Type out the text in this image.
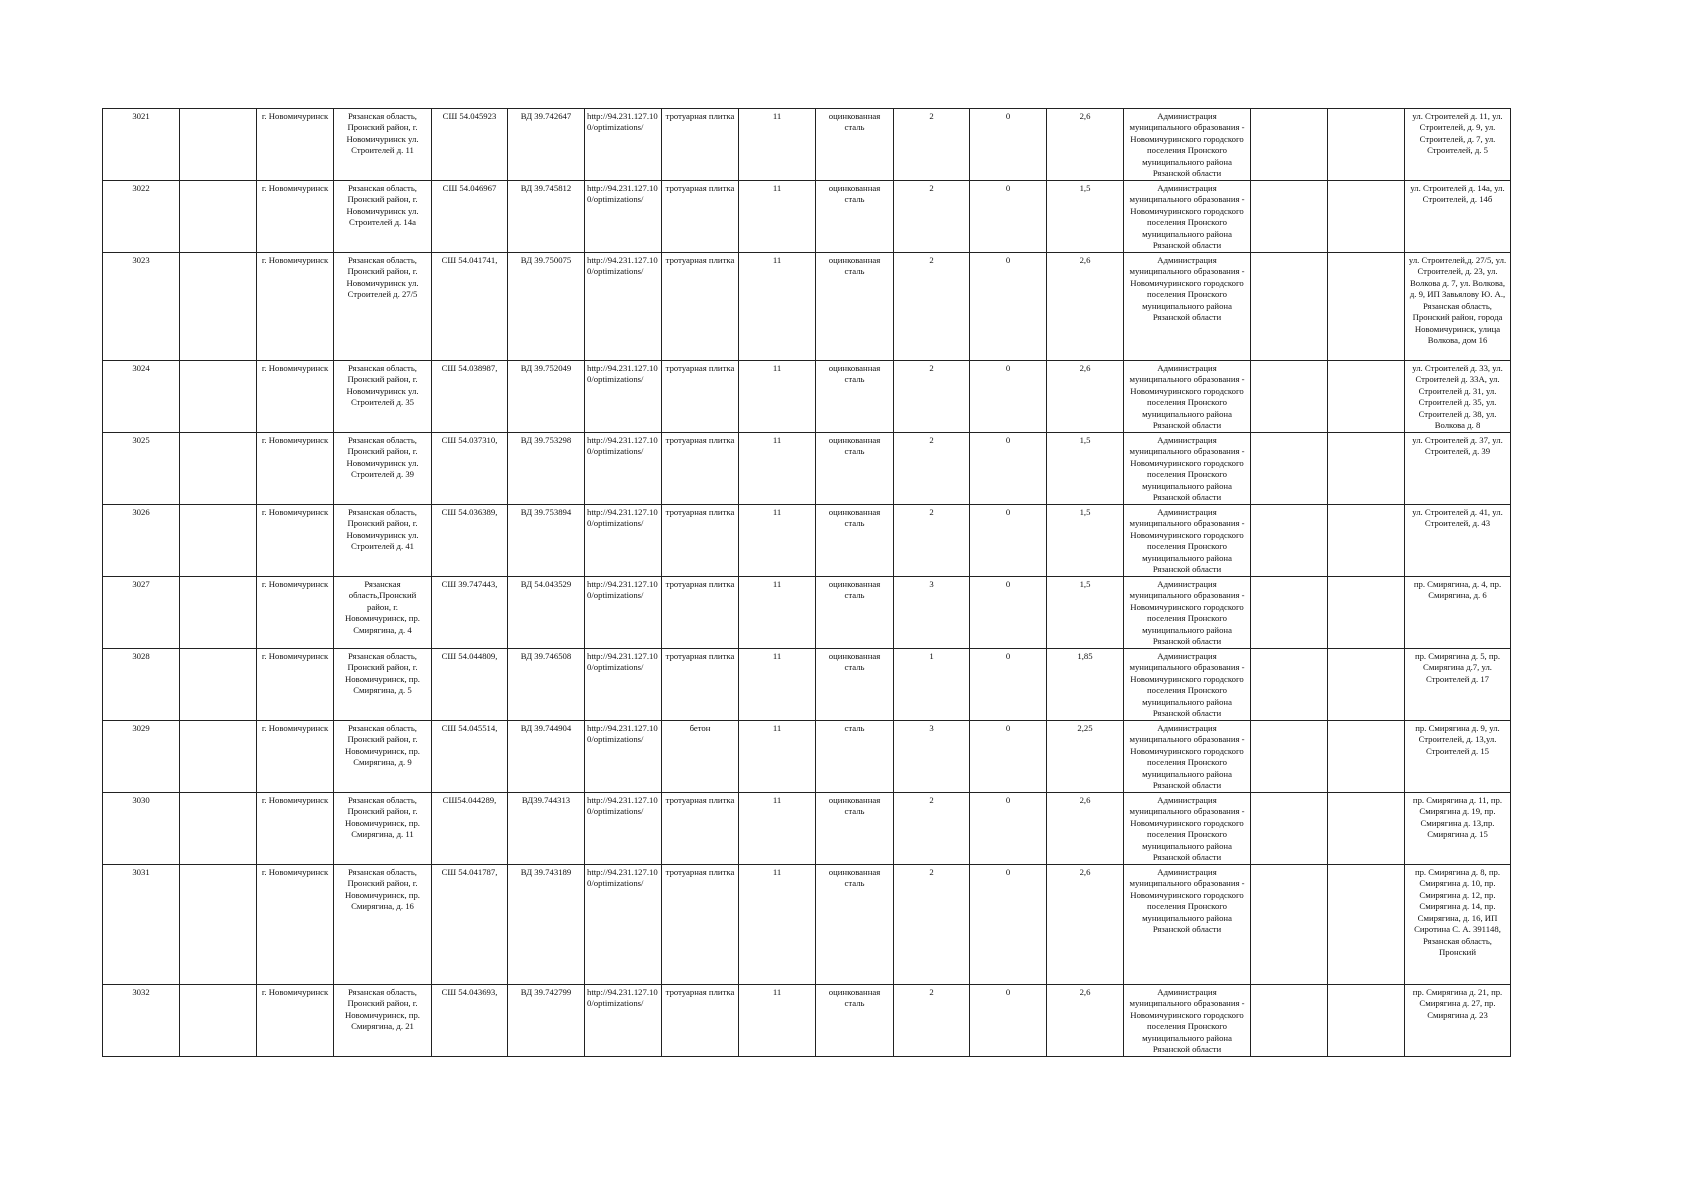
3021		г. Новомичуринск	Рязанская область, Пронский район, г. Новомичуринск ул. Строителей д. 11	СШ 54.045923	ВД 39.742647	http://94.231.127.100/optimizations/	тротуарная плитка	11	оцинкованная сталь	2	0	2,6	Администрация муниципального образования - Новомичуринского городского поселения Пронского муниципального района Рязанской области			ул. Строителей д. 11, ул. Строителей, д. 9, ул. Строителей, д. 7, ул. Строителей, д. 5
3022		г. Новомичуринск	Рязанская область, Пронский район, г. Новомичуринск ул. Строителей д. 14а	СШ 54.046967	ВД 39.745812	http://94.231.127.100/optimizations/	тротуарная плитка	11	оцинкованная сталь	2	0	1,5	Администрация муниципального образования - Новомичуринского городского поселения Пронского муниципального района Рязанской области			ул. Строителей д. 14а, ул. Строителей, д. 14б
3023		г. Новомичуринск	Рязанская область, Пронский район, г. Новомичуринск ул. Строителей д. 27/5	СШ 54.041741,	ВД 39.750075	http://94.231.127.100/optimizations/	тротуарная плитка	11	оцинкованная сталь	2	0	2,6	Администрация муниципального образования - Новомичуринского городского поселения Пронского муниципального района Рязанской области			ул. Строителей,д. 27/5, ул. Строителей, д. 23, ул. Волкова д. 7, ул. Волкова, д. 9, ИП Завьялову Ю. А., Рязанская область, Пронский район, города Новомичуринск, улица Волкова, дом 16
3024		г. Новомичуринск	Рязанская область, Пронский район, г. Новомичуринск ул. Строителей д. 35	СШ 54.038987,	ВД 39.752049	http://94.231.127.100/optimizations/	тротуарная плитка	11	оцинкованная сталь	2	0	2,6	Администрация муниципального образования - Новомичуринского городского поселения Пронского муниципального района Рязанской области			ул. Строителей д. 33, ул. Строителей д. 33А, ул. Строителей д. 31, ул. Строителей д. 35, ул. Строителей д. 38, ул. Волкова д. 8
3025		г. Новомичуринск	Рязанская область, Пронский район, г. Новомичуринск ул. Строителей д. 39	СШ 54.037310,	ВД 39.753298	http://94.231.127.100/optimizations/	тротуарная плитка	11	оцинкованная сталь	2	0	1,5	Администрация муниципального образования - Новомичуринского городского поселения Пронского муниципального района Рязанской области			ул. Строителей д. 37, ул. Строителей, д. 39
3026		г. Новомичуринск	Рязанская область, Пронский район, г. Новомичуринск ул. Строителей д. 41	СШ 54.036389,	ВД 39.753894	http://94.231.127.100/optimizations/	тротуарная плитка	11	оцинкованная сталь	2	0	1,5	Администрация муниципального образования - Новомичуринского городского поселения Пронского муниципального района Рязанской области			ул. Строителей д. 41, ул. Строителей, д. 43
3027		г. Новомичуринск	Рязанская область,Пронский район, г. Новомичуринск, пр. Смирягина, д. 4	СШ 39.747443,	ВД 54.043529	http://94.231.127.100/optimizations/	тротуарная плитка	11	оцинкованная сталь	3	0	1,5	Администрация муниципального образования - Новомичуринского городского поселения Пронского муниципального района Рязанской области			пр. Смирягина, д. 4, пр. Смирягина, д. 6
3028		г. Новомичуринск	Рязанская область, Пронский район, г. Новомичуринск, пр. Смирягина, д. 5	СШ 54.044809,	ВД 39.746508	http://94.231.127.100/optimizations/	тротуарная плитка	11	оцинкованная сталь	1	0	1,85	Администрация муниципального образования - Новомичуринского городского поселения Пронского муниципального района Рязанской области			пр. Смирягина д. 5, пр. Смирягина д.7, ул. Строителей д. 17
3029		г. Новомичуринск	Рязанская область, Пронский район, г. Новомичуринск, пр. Смирягина, д. 9	СШ 54.045514,	ВД 39.744904	http://94.231.127.100/optimizations/	бетон	11	сталь	3	0	2,25	Администрация муниципального образования - Новомичуринского городского поселения Пронского муниципального района Рязанской области			пр. Смирягина д. 9, ул. Строителей, д. 13,ул. Строителей д. 15
3030		г. Новомичуринск	Рязанская область, Пронский район, г. Новомичуринск, пр. Смирягина, д. 11	СШ54.044289,	ВД39.744313	http://94.231.127.100/optimizations/	тротуарная плитка	11	оцинкованная сталь	2	0	2,6	Администрация муниципального образования - Новомичуринского городского поселения Пронского муниципального района Рязанской области			пр. Смирягина д. 11, пр. Смирягина д. 19, пр. Смирягина д. 13,пр. Смирягина д. 15
3031		г. Новомичуринск	Рязанская область, Пронский район, г. Новомичуринск, пр. Смирягина, д. 16	СШ 54.041787,	ВД 39.743189	http://94.231.127.100/optimizations/	тротуарная плитка	11	оцинкованная сталь	2	0	2,6	Администрация муниципального образования - Новомичуринского городского поселения Пронского муниципального района Рязанской области			пр. Смирягина д. 8, пр. Смирягина д. 10, пр. Смирягина д. 12, пр. Смирягина д. 14, пр. Смирягина, д. 16, ИП Сиротина С. А. 391148, Рязанская область, Пронский
3032		г. Новомичуринск	Рязанская область, Пронский район, г. Новомичуринск, пр. Смирягина, д. 21	СШ 54.043693,	ВД 39.742799	http://94.231.127.100/optimizations/	тротуарная плитка	11	оцинкованная сталь	2	0	2,6	Администрация муниципального образования - Новомичуринского городского поселения Пронского муниципального района Рязанской области			пр. Смирягина д. 21, пр. Смирягина д. 27, пр. Смирягина д. 23
